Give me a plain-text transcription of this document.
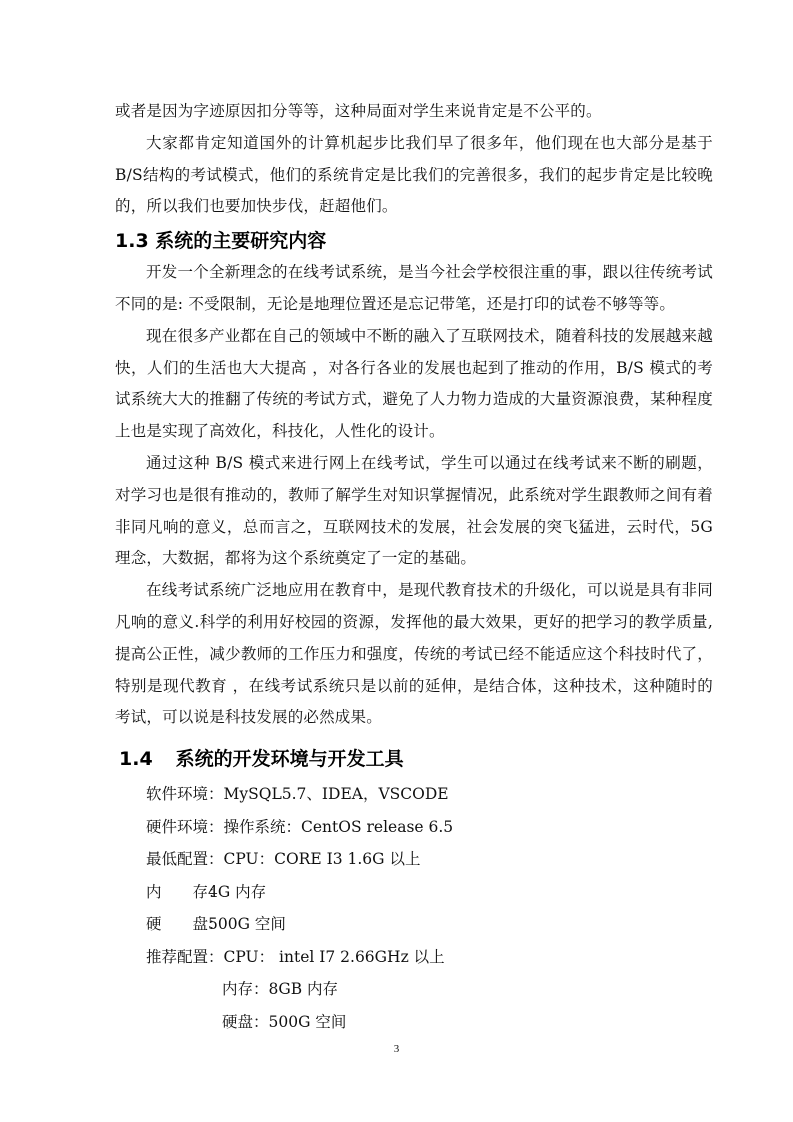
或者是因为字迹原因扣分等等，这种局面对学生来说肯定是不公平的。

大家都肯定知道国外的计算机起步比我们早了很多年，他们现在也大部分是基于B/S结构的考试模式，他们的系统肯定是比我们的完善很多，我们的起步肯定是比较晚的，所以我们也要加快步伐，赶超他们。

1.3 系统的主要研究内容

开发一个全新理念的在线考试系统，是当今社会学校很注重的事，跟以往传统考试不同的是: 不受限制，无论是地理位置还是忘记带笔，还是打印的试卷不够等等。

现在很多产业都在自己的领域中不断的融入了互联网技术，随着科技的发展越来越快，人们的生活也大大提高 ，对各行各业的发展也起到了推动的作用，B/S 模式的考试系统大大的推翻了传统的考试方式，避免了人力物力造成的大量资源浪费，某种程度上也是实现了高效化，科技化，人性化的设计。

通过这种 B/S 模式来进行网上在线考试，学生可以通过在线考试来不断的刷题，对学习也是很有推动的，教师了解学生对知识掌握情况，此系统对学生跟教师之间有着非同凡响的意义，总而言之，互联网技术的发展，社会发展的突飞猛进，云时代，5G 理念，大数据，都将为这个系统奠定了一定的基础。

在线考试系统广泛地应用在教育中，是现代教育技术的升级化，可以说是具有非同凡响的意义.科学的利用好校园的资源，发挥他的最大效果，更好的把学习的教学质量,提高公正性，减少教师的工作压力和强度，传统的考试已经不能适应这个科技时代了，特别是现代教育 ，在线考试系统只是以前的延伸，是结合体，这种技术，这种随时的考试，可以说是科技发展的必然成果。

1.4 系统的开发环境与开发工具

软件环境：MySQL5.7、IDEA，VSCODE

硬件环境：操作系统：CentOS release 6.5

最低配置：CPU：CORE I3 1.6G 以上

内　　存：4G 内存

硬　　盘：500G 空间

推荐配置：CPU： intel I7 2.66GHz 以上

内存：8GB 内存

硬盘：500G 空间

3
